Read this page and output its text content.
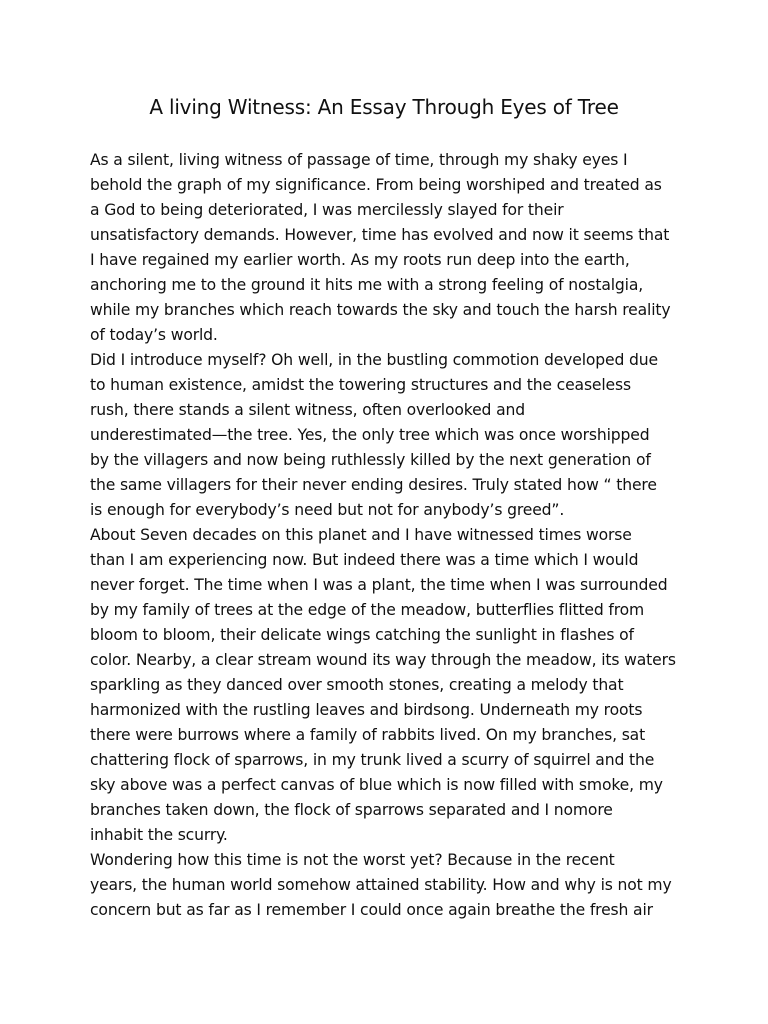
A living Witness: An Essay Through Eyes of Tree
As a silent, living witness of passage of time, through my shaky eyes I
behold the graph of my significance. From being worshiped and treated as
a God to being deteriorated, I was mercilessly slayed for their
unsatisfactory demands. However, time has evolved and now it seems that
I have regained my earlier worth. As my roots run deep into the earth,
anchoring me to the ground it hits me with a strong feeling of nostalgia,
while my branches which reach towards the sky and touch the harsh reality
of today’s world.
Did I introduce myself? Oh well, in the bustling commotion developed due
to human existence, amidst the towering structures and the ceaseless
rush, there stands a silent witness, often overlooked and
underestimated—the tree. Yes, the only tree which was once worshipped
by the villagers and now being ruthlessly killed by the next generation of
the same villagers for their never ending desires. Truly stated how “ there
is enough for everybody’s need but not for anybody’s greed”.
About Seven decades on this planet and I have witnessed times worse
than I am experiencing now. But indeed there was a time which I would
never forget. The time when I was a plant, the time when I was surrounded
by my family of trees at the edge of the meadow, butterflies flitted from
bloom to bloom, their delicate wings catching the sunlight in flashes of
color. Nearby, a clear stream wound its way through the meadow, its waters
sparkling as they danced over smooth stones, creating a melody that
harmonized with the rustling leaves and birdsong. Underneath my roots
there were burrows where a family of rabbits lived. On my branches, sat
chattering flock of sparrows, in my trunk lived a scurry of squirrel and the
sky above was a perfect canvas of blue which is now filled with smoke, my
branches taken down, the flock of sparrows separated and I nomore
inhabit the scurry.
Wondering how this time is not the worst yet? Because in the recent
years, the human world somehow attained stability. How and why is not my
concern but as far as I remember I could once again breathe the fresh air
